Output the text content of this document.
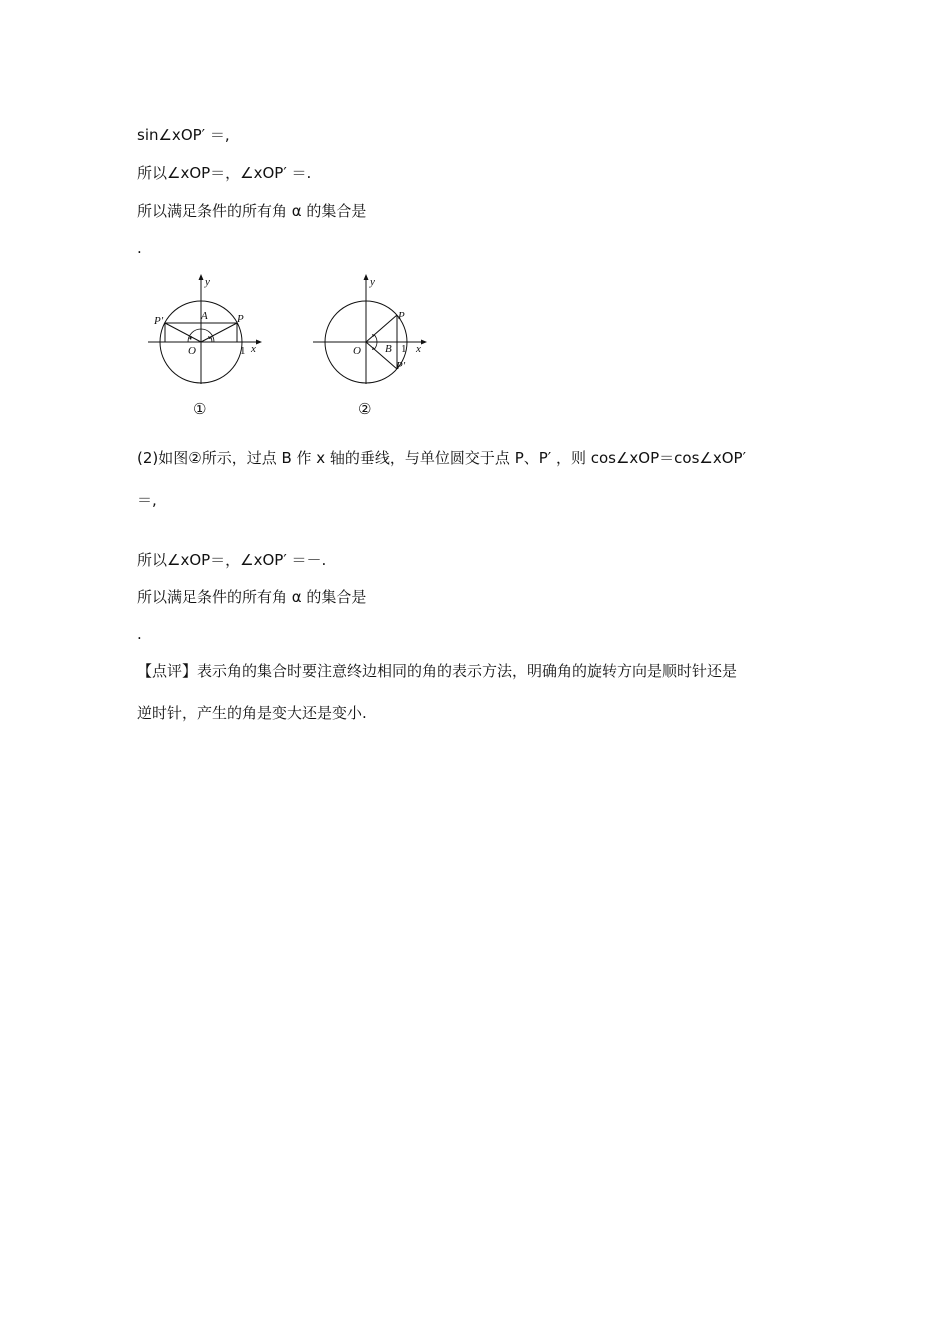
sin∠xOP′ ＝,
所以∠xOP＝，∠xOP′ ＝.
所以满足条件的所有角 α 的集合是
.
y
x
O
A	P
P′
1
①
y
x
O B
P
P′
1
②
(2)如图②所示，过点 B 作 x 轴的垂线，与单位圆交于点 P、P′ ，则 cos∠xOP＝cos∠xOP′
＝,
所以∠xOP＝，∠xOP′ ＝－.
所以满足条件的所有角 α 的集合是
.
【点评】表示角的集合时要注意终边相同的角的表示方法，明确角的旋转方向是顺时针还是
逆时针，产生的角是变大还是变小.
